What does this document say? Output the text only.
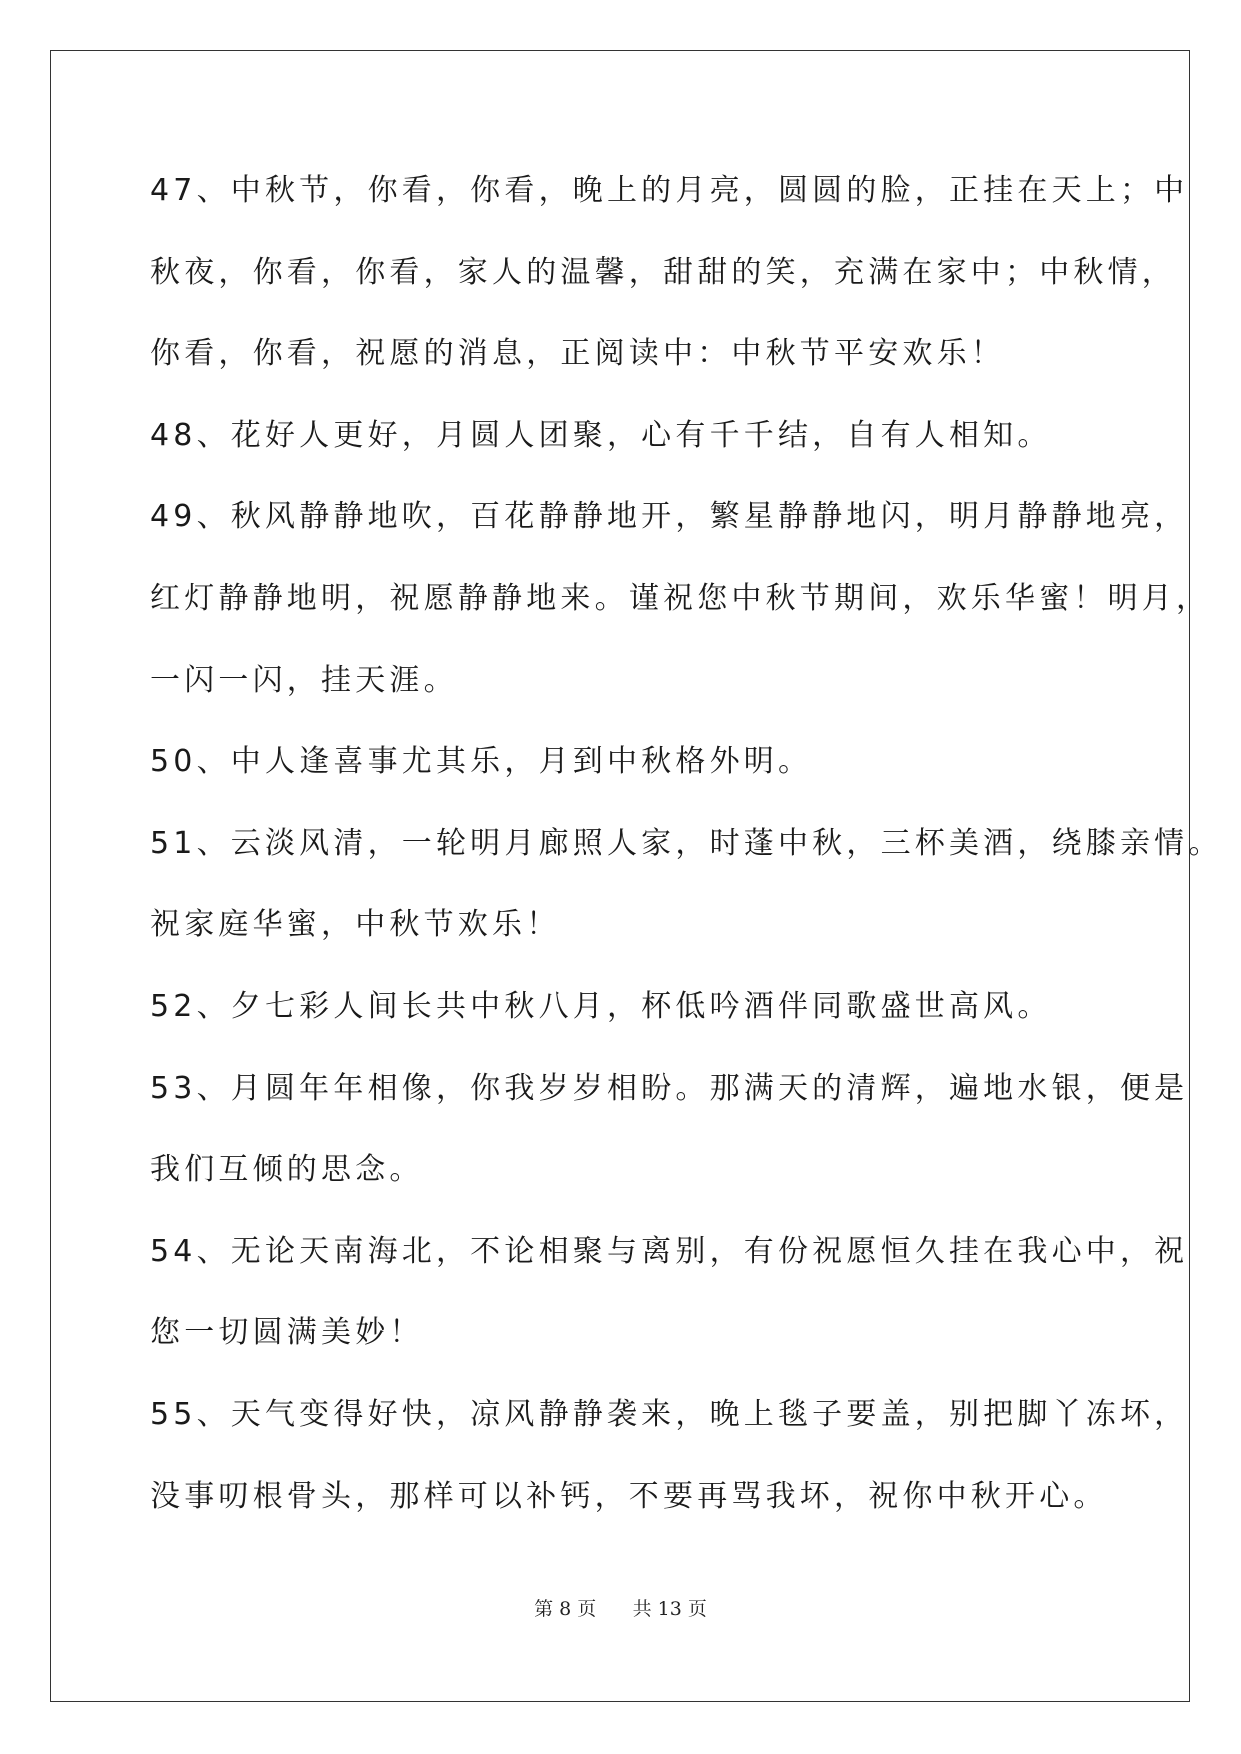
47、中秋节，你看，你看，晚上的月亮，圆圆的脸，正挂在天上；中
秋夜，你看，你看，家人的温馨，甜甜的笑，充满在家中；中秋情，
你看，你看，祝愿的消息，正阅读中：中秋节平安欢乐！
48、花好人更好，月圆人团聚，心有千千结，自有人相知。
49、秋风静静地吹，百花静静地开，繁星静静地闪，明月静静地亮，
红灯静静地明，祝愿静静地来。谨祝您中秋节期间，欢乐华蜜！明月，
一闪一闪，挂天涯。
50、中人逢喜事尤其乐，月到中秋格外明。
51、云淡风清，一轮明月廊照人家，时蓬中秋，三杯美酒，绕膝亲情。
祝家庭华蜜，中秋节欢乐！
52、夕七彩人间长共中秋八月，杯低吟酒伴同歌盛世高风。
53、月圆年年相像，你我岁岁相盼。那满天的清辉，遍地水银，便是
我们互倾的思念。
54、无论天南海北，不论相聚与离别，有份祝愿恒久挂在我心中，祝
您一切圆满美妙！
55、天气变得好快，凉风静静袭来，晚上毯子要盖，别把脚丫冻坏，
没事叨根骨头，那样可以补钙，不要再骂我坏，祝你中秋开心。
第 8 页 共 13 页
